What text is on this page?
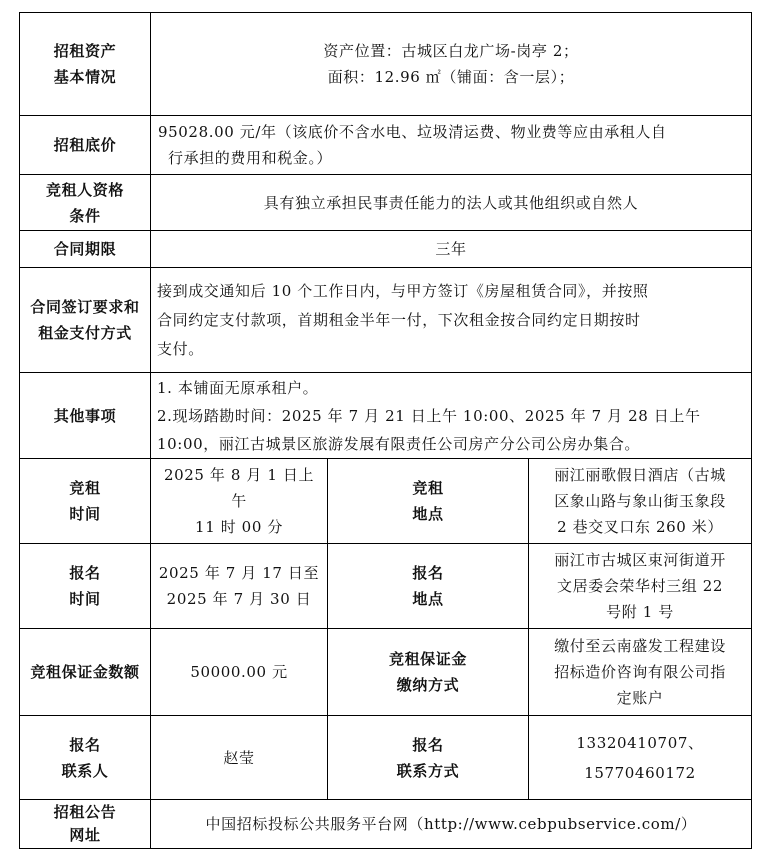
招租资产
基本情况	资产位置：古城区白龙广场-岗亭 2；
面积：12.96 ㎡（铺面：含一层）；		

招租底价	95028.00 元/年（该底价不含水电、垃圾清运费、物业费等应由承租人自
行承担的费用和税金。）		

竞租人资格
条件	具有独立承担民事责任能力的法人或其他组织或自然人		
合同期限	三年		

合同签订要求和
租金支付方式	接到成交通知后 10 个工作日内，与甲方签订《房屋租赁合同》，并按照
合同约定支付款项，首期租金半年一付，下次租金按合同约定日期按时
支付。		

其他事项	1. 本铺面无原承租户。
2.现场踏勘时间：2025 年 7 月 21 日上午 10:00、2025 年 7 月 28 日上午
10:00，丽江古城景区旅游发展有限责任公司房产分公司公房办集合。		

竞租
时间	2025 年 8 月 1 日上午
11 时 00 分	竞租
地点	丽江丽歌假日酒店（古城
区象山路与象山街玉象段
2 巷交叉口东 260 米）

报名
时间	2025 年 7 月 17 日至
2025 年 7 月 30 日	报名
地点	丽江市古城区束河街道开
文居委会荣华村三组 22
号附 1 号

竞租保证金数额	50000.00 元	竞租保证金
缴纳方式	缴付至云南盛发工程建设
招标造价咨询有限公司指
定账户

报名
联系人	赵莹	报名
联系方式	13320410707、
15770460172

招租公告
网址	中国招标投标公共服务平台网（http://www.cebpubservice.com/）		
